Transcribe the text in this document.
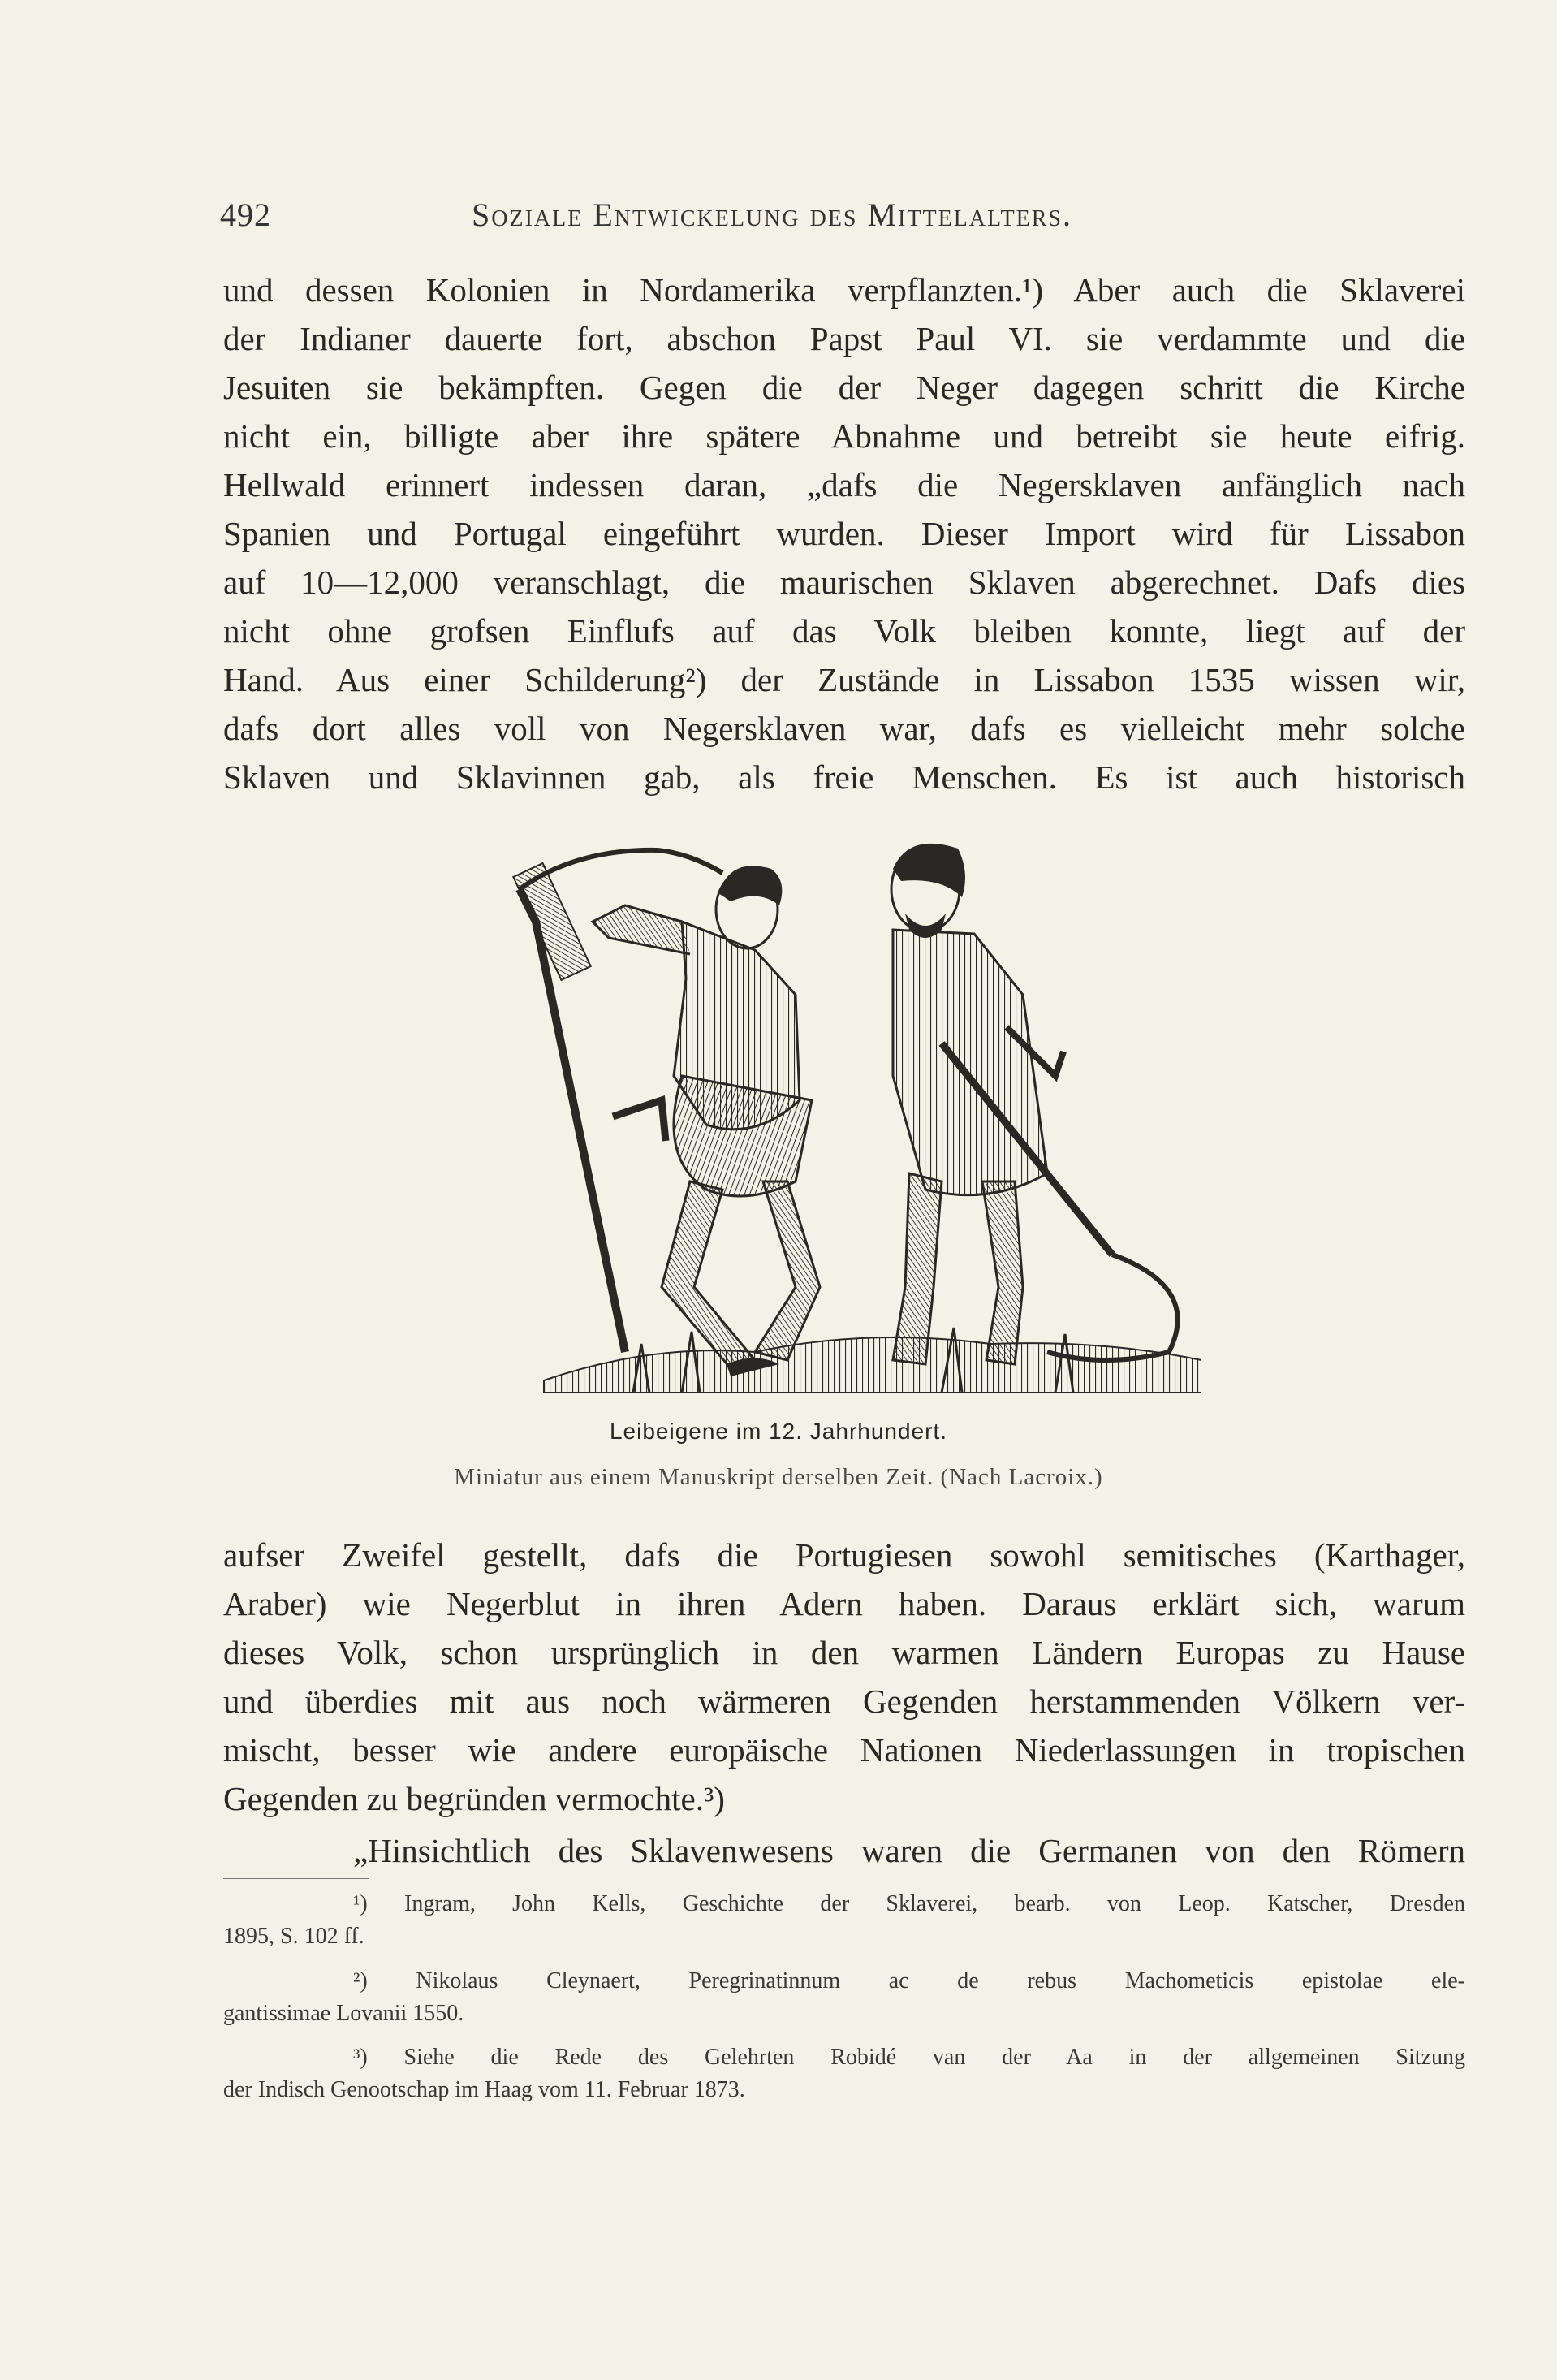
492	Soziale Entwickelung des Mittelalters.
und dessen Kolonien in Nordamerika verpflanzten.¹) Aber auch die Sklaverei
der Indianer dauerte fort, abschon Papst Paul VI. sie verdammte und die
Jesuiten sie bekämpften. Gegen die der Neger dagegen schritt die Kirche
nicht ein, billigte aber ihre spätere Abnahme und betreibt sie heute eifrig.
Hellwald erinnert indessen daran, „dafs die Negersklaven anfänglich nach
Spanien und Portugal eingeführt wurden. Dieser Import wird für Lissabon
auf 10—12,000 veranschlagt, die maurischen Sklaven abgerechnet. Dafs dies
nicht ohne grofsen Einflufs auf das Volk bleiben konnte, liegt auf der
Hand. Aus einer Schilderung²) der Zustände in Lissabon 1535 wissen wir,
dafs dort alles voll von Negersklaven war, dafs es vielleicht mehr solche
Sklaven und Sklavinnen gab, als freie Menschen. Es ist auch historisch
Leibeigene im 12. Jahrhundert.
Miniatur aus einem Manuskript derselben Zeit. (Nach Lacroix.)
aufser Zweifel gestellt, dafs die Portugiesen sowohl semitisches (Karthager,
Araber) wie Negerblut in ihren Adern haben. Daraus erklärt sich, warum
dieses Volk, schon ursprünglich in den warmen Ländern Europas zu Hause
und überdies mit aus noch wärmeren Gegenden herstammenden Völkern ver-
mischt, besser wie andere europäische Nationen Niederlassungen in tropischen
Gegenden zu begründen vermochte.³)
„Hinsichtlich des Sklavenwesens waren die Germanen von den Römern
¹) Ingram, John Kells, Geschichte der Sklaverei, bearb. von Leop. Katscher, Dresden
1895, S. 102 ff.
²) Nikolaus Cleynaert, Peregrinatinnum ac de rebus Machometicis epistolae ele-
gantissimae Lovanii 1550.
³) Siehe die Rede des Gelehrten Robidé van der Aa in der allgemeinen Sitzung
der Indisch Genootschap im Haag vom 11. Februar 1873.
